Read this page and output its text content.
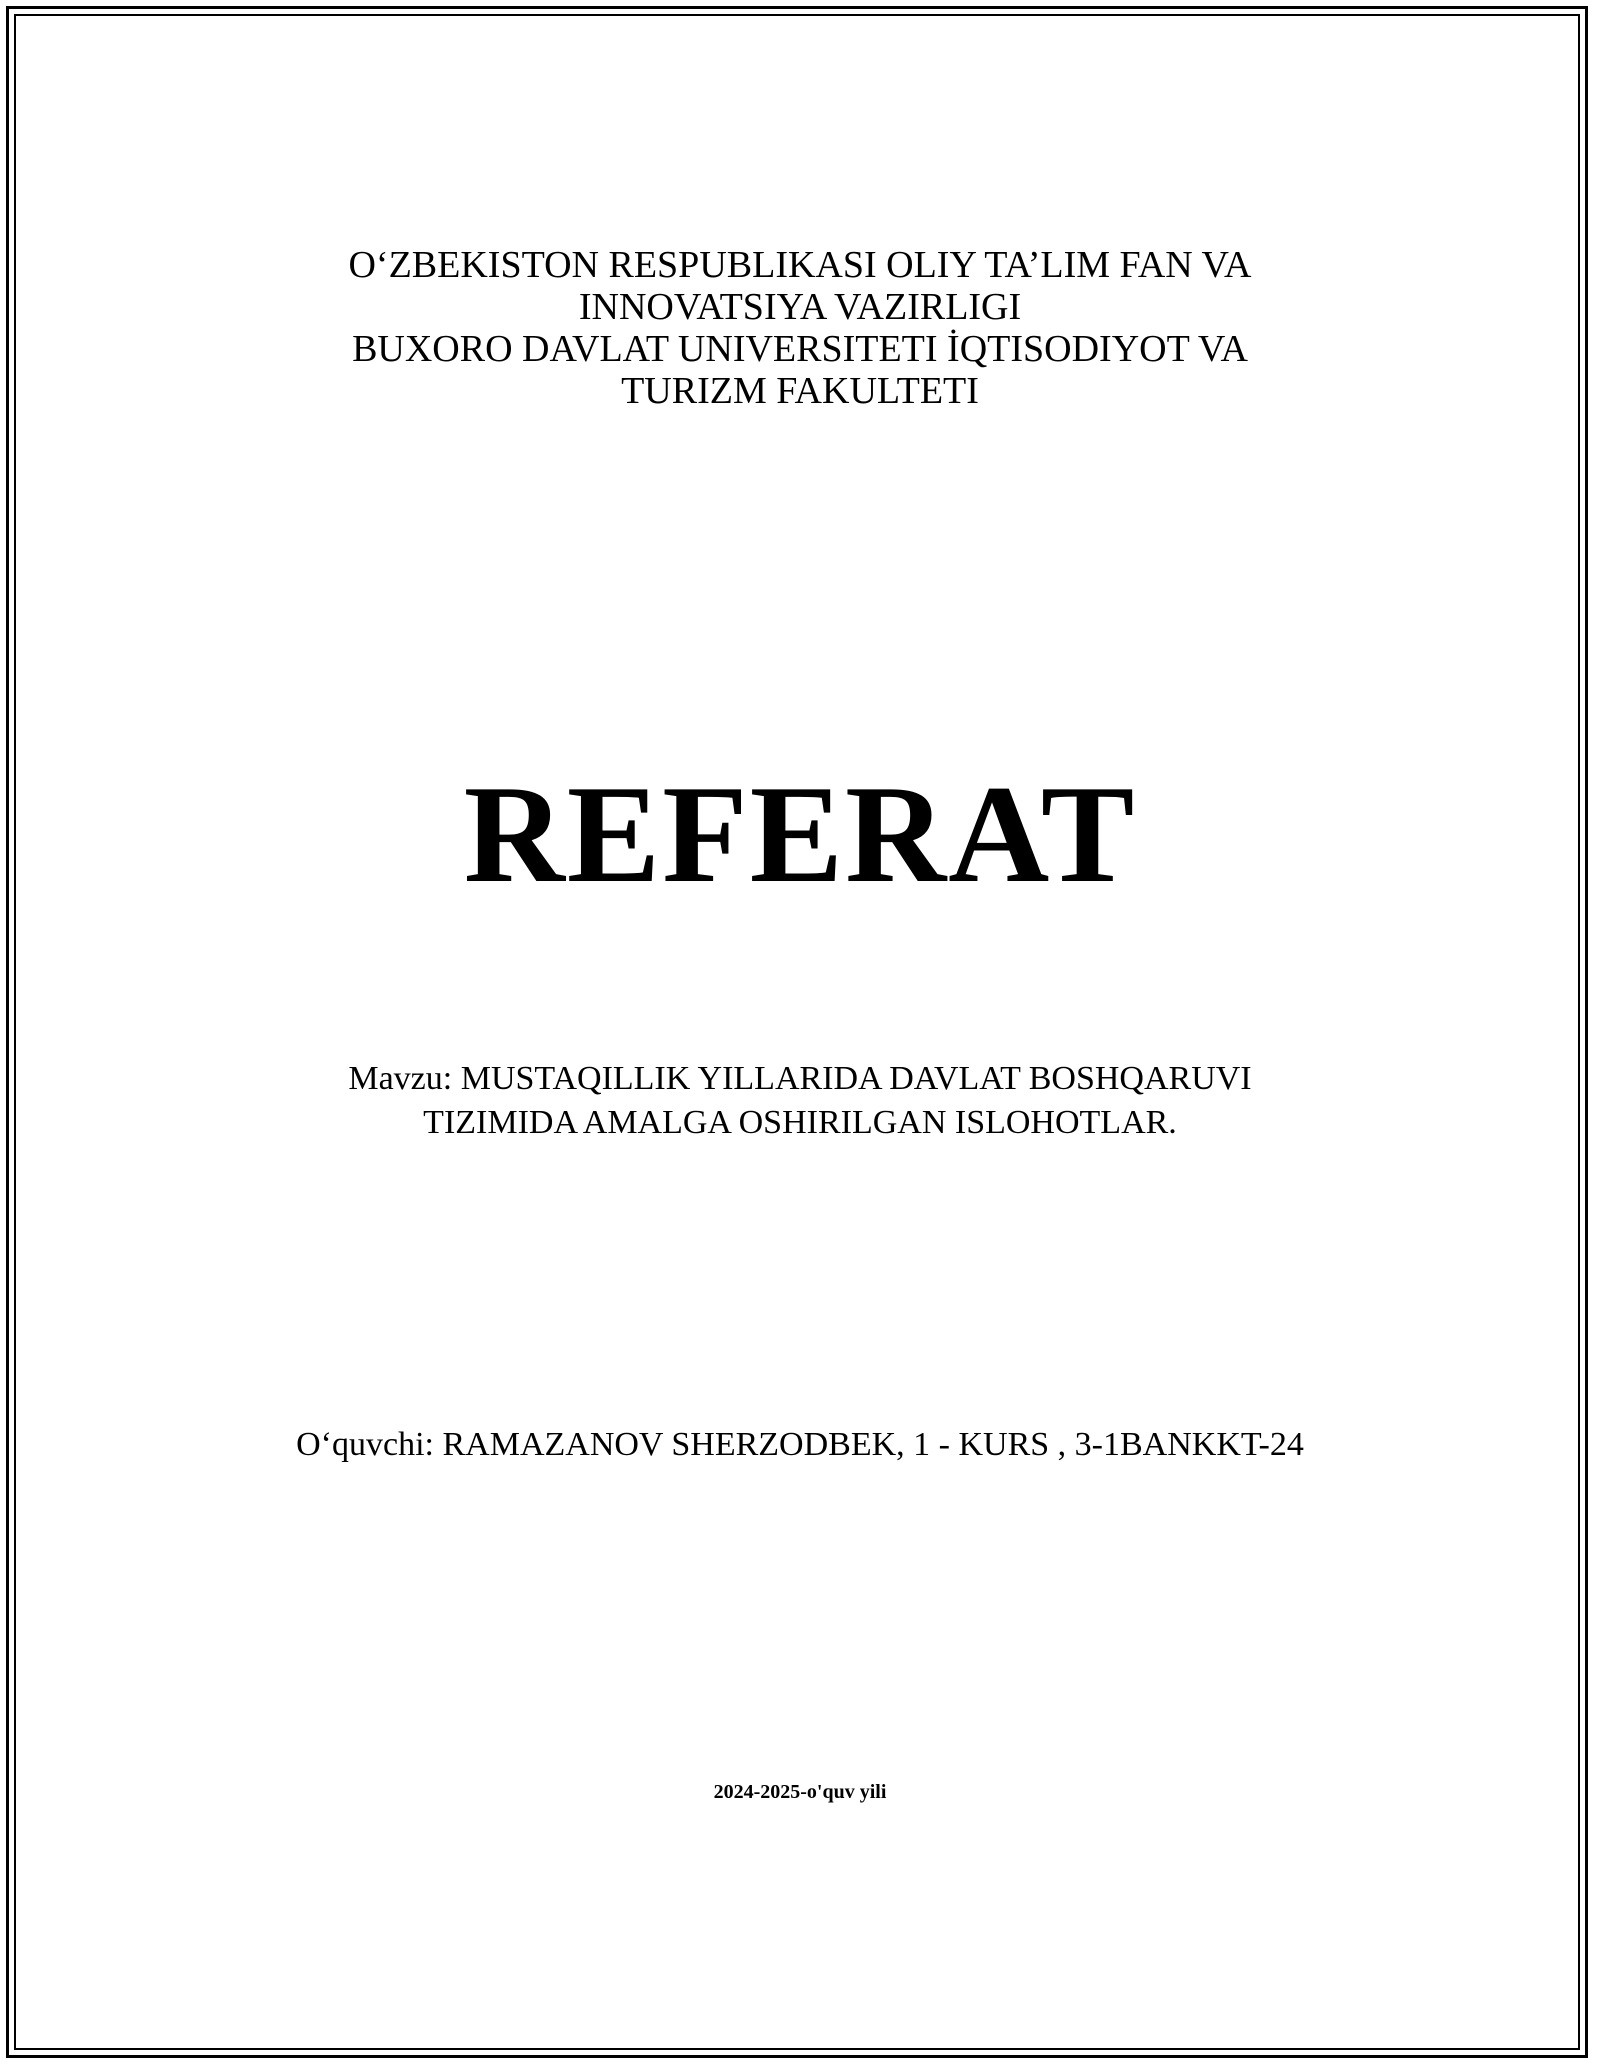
O‘ZBEKISTON RESPUBLIKASI OLIY TA’LIM FAN VA
INNOVATSIYA VAZIRLIGI
BUXORO DAVLAT UNIVERSITETI İQTISODIYOT VA
TURIZM FAKULTETI
REFERAT
Mavzu: MUSTAQILLIK YILLARIDA DAVLAT BOSHQARUVI
TIZIMIDA AMALGA OSHIRILGAN ISLOHOTLAR.
O‘quvchi: RAMAZANOV SHERZODBEK, 1 - KURS , 3-1BANKKT-24
2024-2025-o'quv yili
